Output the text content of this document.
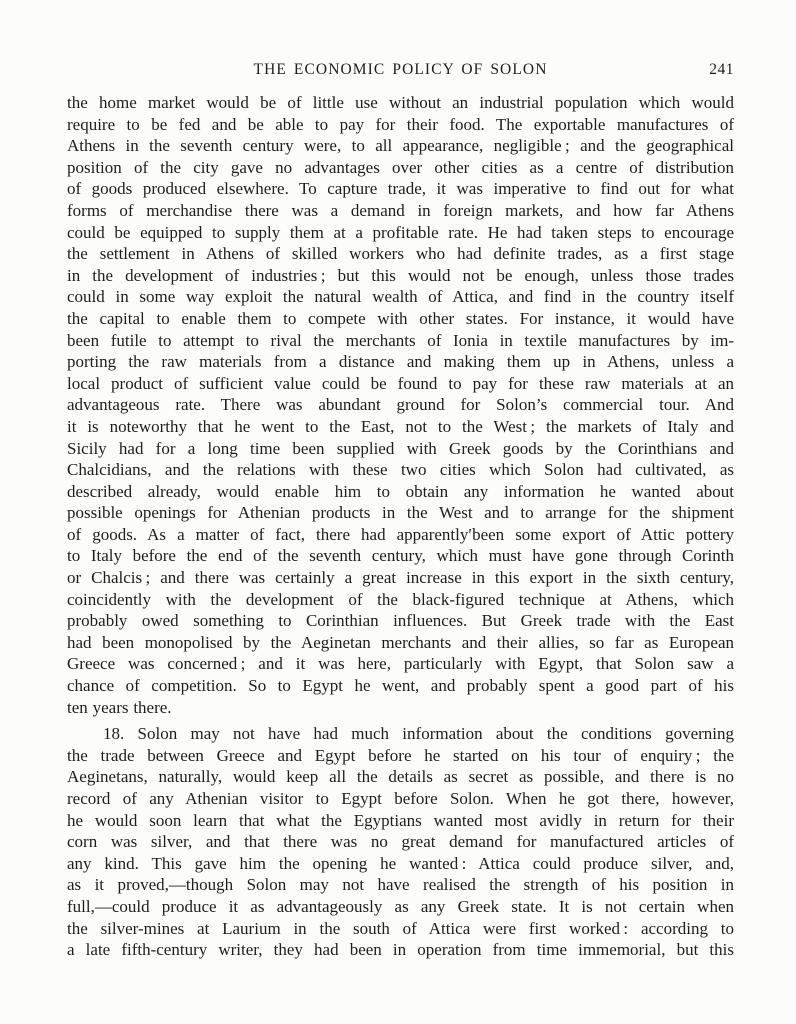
THE ECONOMIC POLICY OF SOLON	241
the home market would be of little use without an industrial population which would
require to be fed and be able to pay for their food. The exportable manufactures of
Athens in the seventh century were, to all appearance, negligible ; and the geographical
position of the city gave no advantages over other cities as a centre of distribution
of goods produced elsewhere. To capture trade, it was imperative to find out for what
forms of merchandise there was a demand in foreign markets, and how far Athens
could be equipped to supply them at a profitable rate. He had taken steps to encourage
the settlement in Athens of skilled workers who had definite trades, as a first stage
in the development of industries ; but this would not be enough, unless those trades
could in some way exploit the natural wealth of Attica, and find in the country itself
the capital to enable them to compete with other states. For instance, it would have
been futile to attempt to rival the merchants of Ionia in textile manufactures by im-
porting the raw materials from a distance and making them up in Athens, unless a
local product of sufficient value could be found to pay for these raw materials at an
advantageous rate. There was abundant ground for Solon’s commercial tour. And
it is noteworthy that he went to the East, not to the West ; the markets of Italy and
Sicily had for a long time been supplied with Greek goods by the Corinthians and
Chalcidians, and the relations with these two cities which Solon had cultivated, as
described already, would enable him to obtain any information he wanted about
possible openings for Athenian products in the West and to arrange for the shipment
of goods. As a matter of fact, there had apparently′been some export of Attic pottery
to Italy before the end of the seventh century, which must have gone through Corinth
or Chalcis ; and there was certainly a great increase in this export in the sixth century,
coincidently with the development of the black-figured technique at Athens, which
probably owed something to Corinthian influences. But Greek trade with the East
had been monopolised by the Aeginetan merchants and their allies, so far as European
Greece was concerned ; and it was here, particularly with Egypt, that Solon saw a
chance of competition. So to Egypt he went, and probably spent a good part of his
ten years there.
18. Solon may not have had much information about the conditions governing
the trade between Greece and Egypt before he started on his tour of enquiry ; the
Aeginetans, naturally, would keep all the details as secret as possible, and there is no
record of any Athenian visitor to Egypt before Solon. When he got there, however,
he would soon learn that what the Egyptians wanted most avidly in return for their
corn was silver, and that there was no great demand for manufactured articles of
any kind. This gave him the opening he wanted : Attica could produce silver, and,
as it proved,—though Solon may not have realised the strength of his position in
full,—could produce it as advantageously as any Greek state. It is not certain when
the silver-mines at Laurium in the south of Attica were first worked : according to
a late fifth-century writer, they had been in operation from time immemorial, but this
